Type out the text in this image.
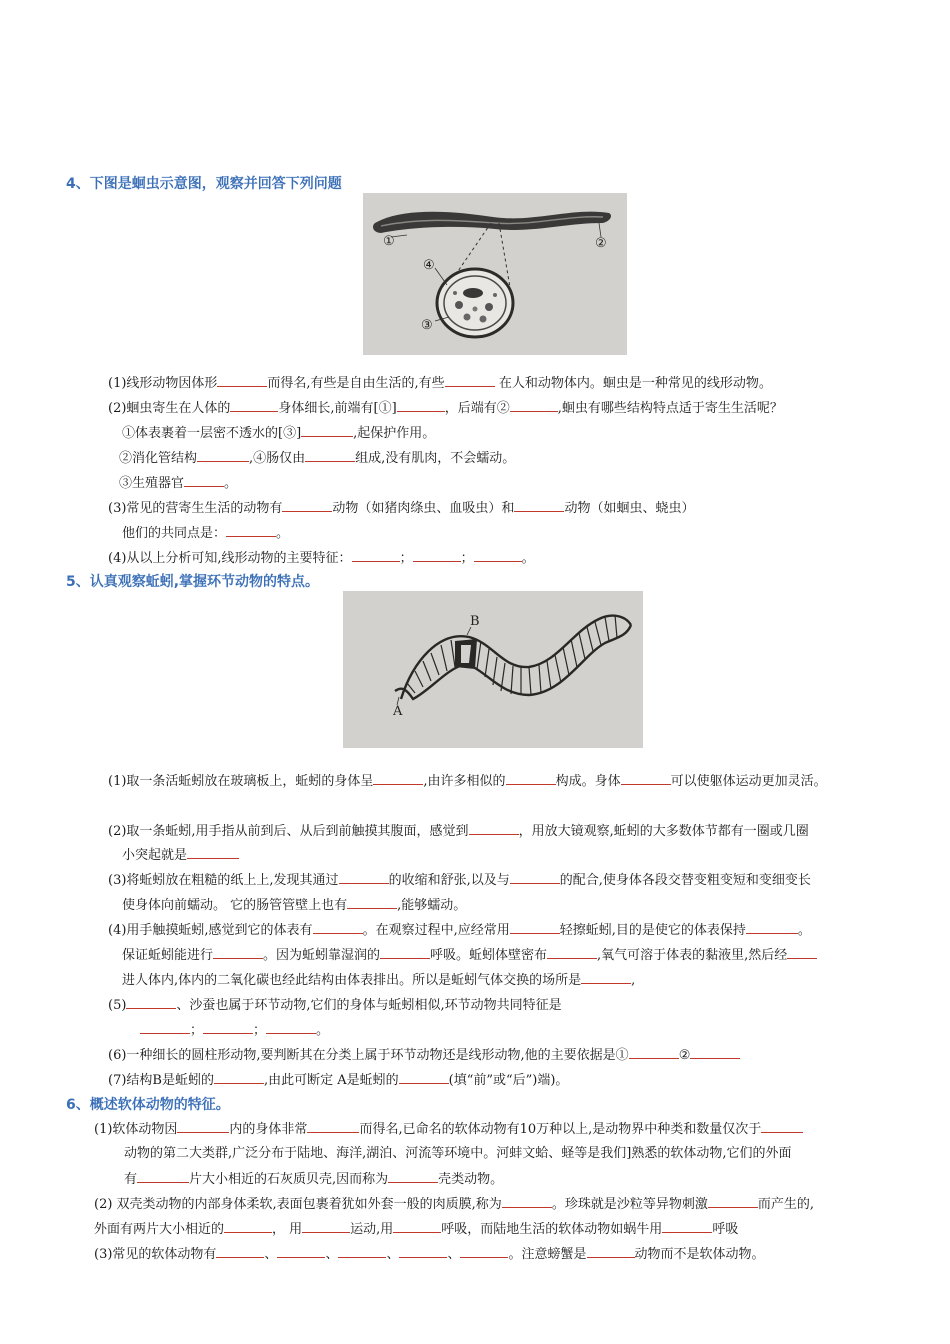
4、下图是蛔虫示意图，观察并回答下列问题
①	②
④
③
(1)线形动物因体形	而得名,有些是自由生活的,有些	在人和动物体内。蛔虫是一种常见的线形动物。
(2)蛔虫寄生在人体的	身体细长,前端有[①]	，后端有②	,蛔虫有哪些结构特点适于寄生生活呢？
①体表裹着一层密不透水的[③]	,起保护作用。
②消化管结构	,④肠仅由	组成,没有肌肉，不会蠕动。
③生殖器官	。
(3)常见的营寄生生活的动物有	动物（如猪肉绦虫、血吸虫）和	动物（如蛔虫、蛲虫）
他们的共同点是：	。
(4)从以上分析可知,线形动物的主要特征：	；	；	。
5、认真观察蚯蚓,掌握环节动物的特点。
B
A
(1)取一条活蚯蚓放在玻璃板上，蚯蚓的身体呈	,由许多相似的	构成。身体	可以使躯体运动更加灵活。
(2)取一条蚯蚓,用手指从前到后、从后到前触摸其腹面，感觉到	，用放大镜观察,蚯蚓的大多数体节都有一圈或几圈
小突起就是
(3)将蚯蚓放在粗糙的纸上上,发现其通过	的收缩和舒张,以及与	的配合,使身体各段交替变粗变短和变细变长
使身体向前蠕动。 它的肠管管壁上也有	,能够蠕动。
(4)用手触摸蚯蚓,感觉到它的体表有	。在观察过程中,应经常用	轻擦蚯蚓,目的是使它的体表保持	。
保证蚯蚓能进行	。因为蚯蚓靠湿润的	呼吸。蚯蚓体壁密布	,氧气可溶于体表的黏液里,然后经
进人体内,体内的二氧化碳也经此结构由体表排出。所以是蚯蚓气体交换的场所是	,
(5)	、沙蚕也属于环节动物,它们的身体与蚯蚓相似,环节动物共同特征是
；	；	。
(6)一种细长的圆柱形动物,要判断其在分类上属于环节动物还是线形动物,他的主要依据是①	②
(7)结构B是蚯蚓的	,由此可断定 A是蚯蚓的	(填“前”或“后”)端)。
6、概述软体动物的特征。
(1)软体动物因	内的身体非常	而得名,已命名的软体动物有10万种以上,是动物界中种类和数量仅次于
动物的第二大类群,广泛分布于陆地、海洋,湖泊、河流等环境中。河蚌文蛤、蛏等是我们]熟悉的软体动物,它们的外面
有	片大小相近的石灰质贝壳,因而称为	壳类动物。
(2) 双壳类动物的内部身体柔软,表面包裹着犹如外套一般的肉质膜,称为	。珍珠就是沙粒等异物刺激	而产生的,
外面有两片大小相近的	， 用	运动,用	呼吸，而陆地生活的软体动物如蜗牛用	呼吸
(3)常见的软体动物有	、	、	、	、	。注意螃蟹是	动物而不是软体动物。
